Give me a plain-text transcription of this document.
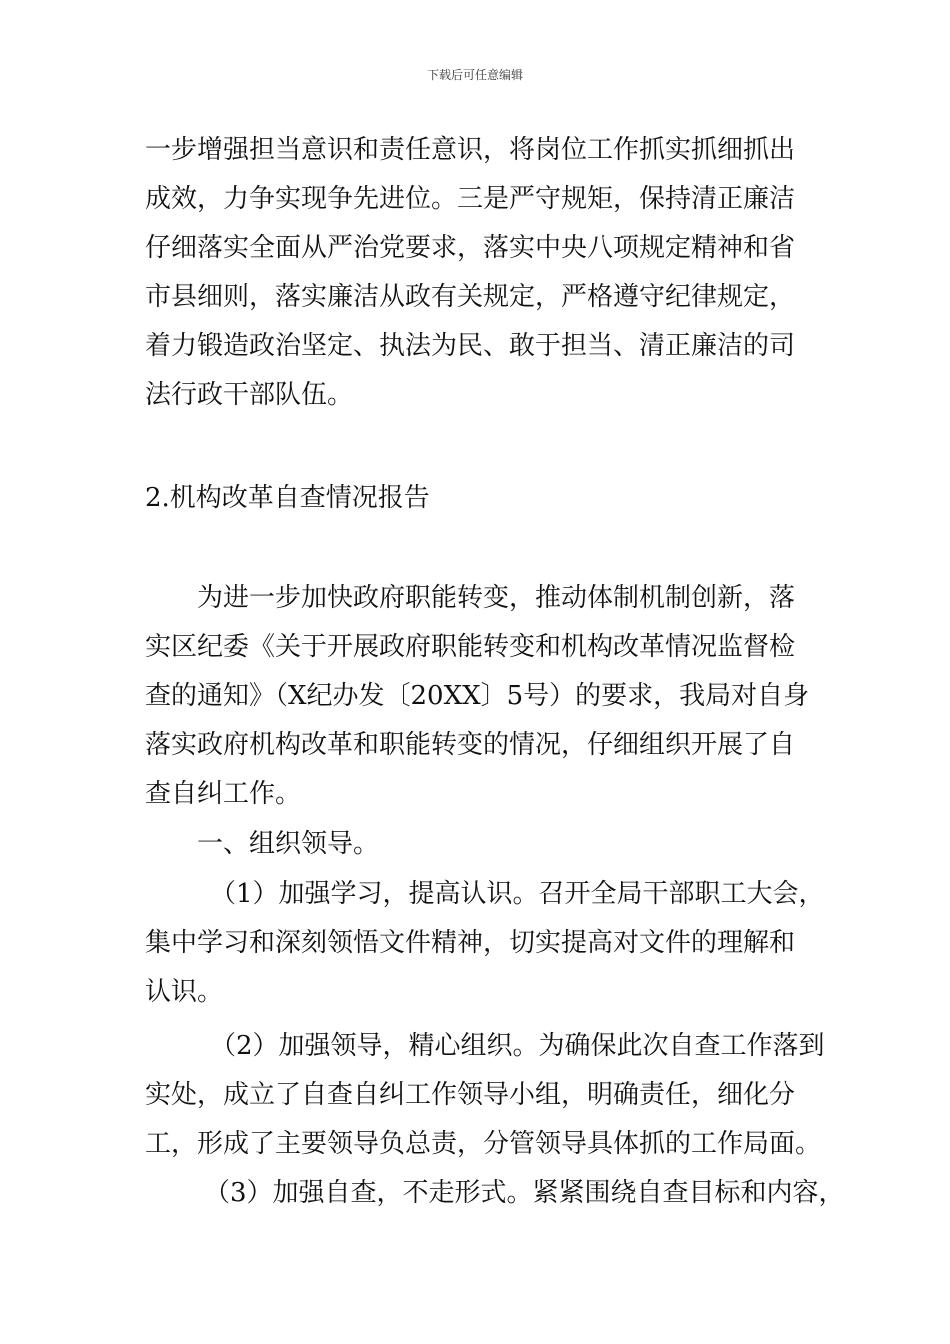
下载后可任意编辑
一步增强担当意识和责任意识，将岗位工作抓实抓细抓出
成效，力争实现争先进位。三是严守规矩，保持清正廉洁
仔细落实全面从严治党要求，落实中央八项规定精神和省
市县细则，落实廉洁从政有关规定，严格遵守纪律规定，
着力锻造政治坚定、执法为民、敢于担当、清正廉洁的司
法行政干部队伍。
2.机构改革自查情况报告
为进一步加快政府职能转变，推动体制机制创新，落
实区纪委《关于开展政府职能转变和机构改革情况监督检
查的通知》（X纪办发〔20XX〕5号）的要求，我局对自身
落实政府机构改革和职能转变的情况，仔细组织开展了自
查自纠工作。
一、组织领导。
（1）加强学习，提高认识。召开全局干部职工大会，
集中学习和深刻领悟文件精神，切实提高对文件的理解和
认识。
（2）加强领导，精心组织。为确保此次自查工作落到
实处，成立了自查自纠工作领导小组，明确责任，细化分
工，形成了主要领导负总责，分管领导具体抓的工作局面。
（3）加强自查，不走形式。紧紧围绕自查目标和内容，
